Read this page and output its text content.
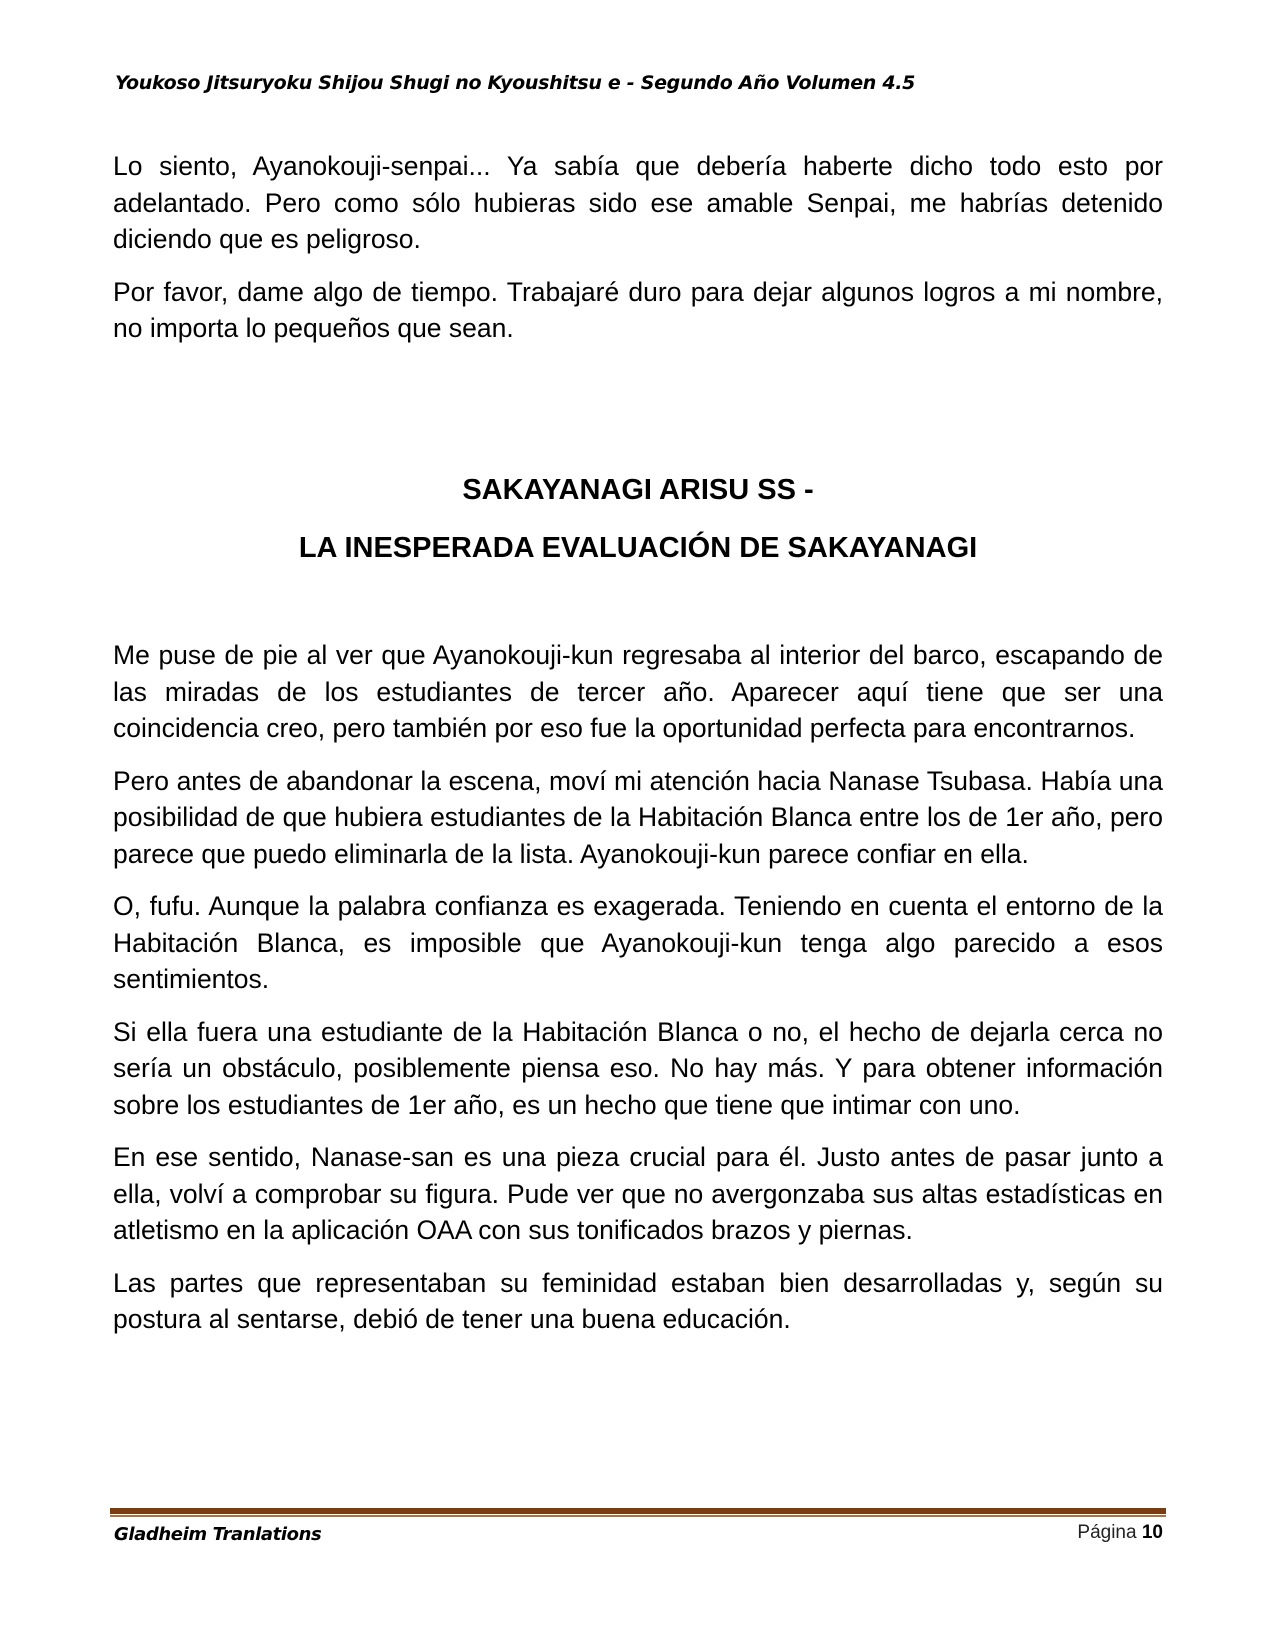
Youkoso Jitsuryoku Shijou Shugi no Kyoushitsu e - Segundo Año Volumen 4.5

Lo siento, Ayanokouji-senpai... Ya sabía que debería haberte dicho todo esto por adelantado. Pero como sólo hubieras sido ese amable Senpai, me habrías detenido diciendo que es peligroso.

Por favor, dame algo de tiempo. Trabajaré duro para dejar algunos logros a mi nombre, no importa lo pequeños que sean.

SAKAYANAGI ARISU SS -
LA INESPERADA EVALUACIÓN DE SAKAYANAGI

Me puse de pie al ver que Ayanokouji-kun regresaba al interior del barco, escapando de las miradas de los estudiantes de tercer año. Aparecer aquí tiene que ser una coincidencia creo, pero también por eso fue la oportunidad perfecta para encontrarnos.

Pero antes de abandonar la escena, moví mi atención hacia Nanase Tsubasa. Había una posibilidad de que hubiera estudiantes de la Habitación Blanca entre los de 1er año, pero parece que puedo eliminarla de la lista. Ayanokouji-kun parece confiar en ella.

O, fufu. Aunque la palabra confianza es exagerada. Teniendo en cuenta el entorno de la Habitación Blanca, es imposible que Ayanokouji-kun tenga algo parecido a esos sentimientos.

Si ella fuera una estudiante de la Habitación Blanca o no, el hecho de dejarla cerca no sería un obstáculo, posiblemente piensa eso. No hay más. Y para obtener información sobre los estudiantes de 1er año, es un hecho que tiene que intimar con uno.

En ese sentido, Nanase-san es una pieza crucial para él. Justo antes de pasar junto a ella, volví a comprobar su figura. Pude ver que no avergonzaba sus altas estadísticas en atletismo en la aplicación OAA con sus tonificados brazos y piernas.

Las partes que representaban su feminidad estaban bien desarrolladas y, según su postura al sentarse, debió de tener una buena educación.

Gladheim Tranlations	Página 10
